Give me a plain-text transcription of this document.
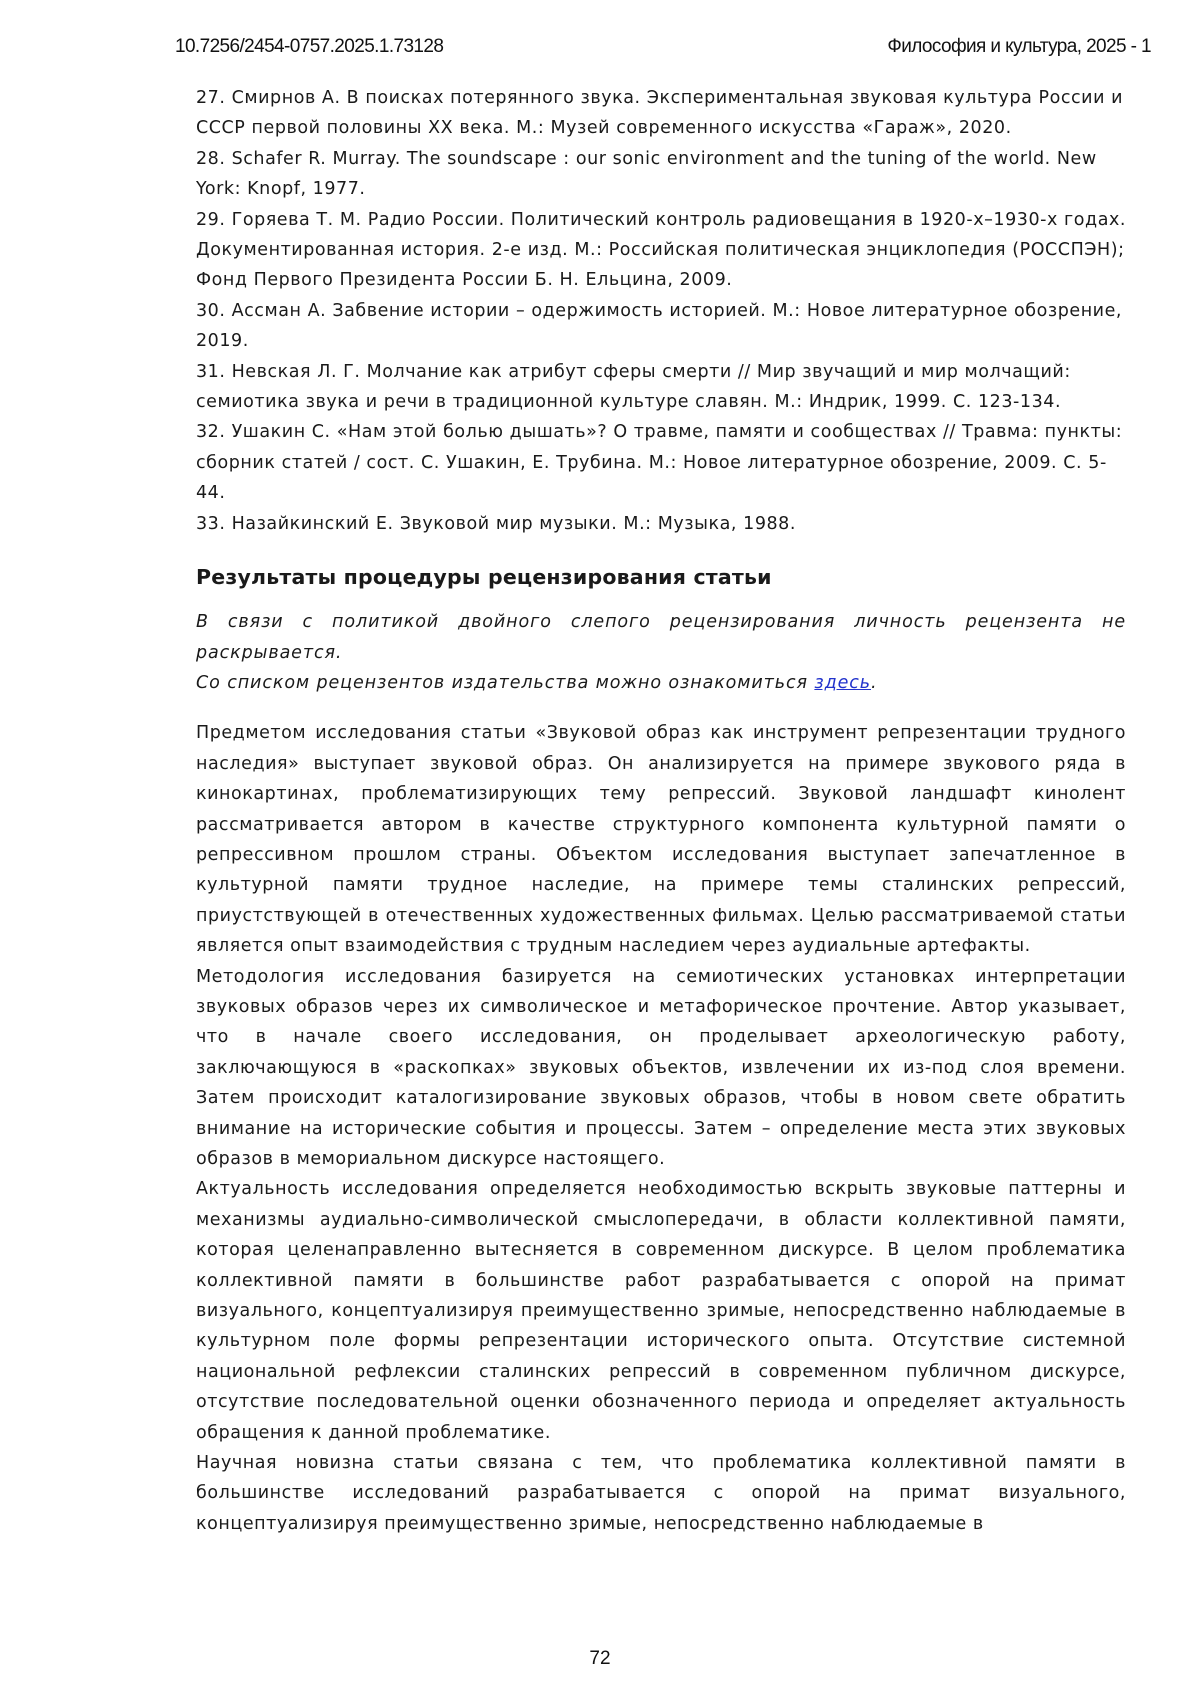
10.7256/2454-0757.2025.1.73128	Философия и культура, 2025 - 1
27. Смирнов А. В поисках потерянного звука. Экспериментальная звуковая культура России и СССР первой половины XX века. М.: Музей современного искусства «Гараж», 2020.
28. Schafer R. Murray. The soundscape : our sonic environment and the tuning of the world. New York: Knopf, 1977.
29. Горяева Т. М. Радио России. Политический контроль радиовещания в 1920-х–1930-х годах. Документированная история. 2-е изд. М.: Российская политическая энциклопедия (РОССПЭН); Фонд Первого Президента России Б. Н. Ельцина, 2009.
30. Ассман А. Забвение истории – одержимость историей. М.: Новое литературное обозрение, 2019.
31. Невская Л. Г. Молчание как атрибут сферы смерти // Мир звучащий и мир молчащий: семиотика звука и речи в традиционной культуре славян. М.: Индрик, 1999. С. 123-134.
32. Ушакин С. «Нам этой болью дышать»? О травме, памяти и сообществах // Травма: пункты: сборник статей / сост. С. Ушакин, Е. Трубина. М.: Новое литературное обозрение, 2009. С. 5-44.
33. Назайкинский Е. Звуковой мир музыки. М.: Музыка, 1988.
Результаты процедуры рецензирования статьи

В связи с политикой двойного слепого рецензирования личность рецензента не раскрывается.

Со списком рецензентов издательства можно ознакомиться здесь.

Предметом исследования статьи «Звуковой образ как инструмент репрезентации трудного наследия» выступает звуковой образ. Он анализируется на примере звукового ряда в кинокартинах, проблематизирующих тему репрессий. Звуковой ландшафт кинолент рассматривается автором в качестве структурного компонента культурной памяти о репрессивном прошлом страны. Объектом исследования выступает запечатленное в культурной памяти трудное наследие, на примере темы сталинских репрессий, приустствующей в отечественных художественных фильмах. Целью рассматриваемой статьи является опыт взаимодействия с трудным наследием через аудиальные артефакты.

Методология исследования базируется на семиотических установках интерпретации звуковых образов через их символическое и метафорическое прочтение. Автор указывает, что в начале своего исследования, он проделывает археологическую работу, заключающуюся в «раскопках» звуковых объектов, извлечении их из-под слоя времени. Затем происходит каталогизирование звуковых образов, чтобы в новом свете обратить внимание на исторические события и процессы. Затем – определение места этих звуковых образов в мемориальном дискурсе настоящего.

Актуальность исследования определяется необходимостью вскрыть звуковые паттерны и механизмы аудиально-символической смыслопередачи, в области коллективной памяти, которая целенаправленно вытесняется в современном дискурсе. В целом проблематика коллективной памяти в большинстве работ разрабатывается с опорой на примат визуального, концептуализируя преимущественно зримые, непосредственно наблюдаемые в культурном поле формы репрезентации исторического опыта. Отсутствие системной национальной рефлексии сталинских репрессий в современном публичном дискурсе, отсутствие последовательной оценки обозначенного периода и определяет актуальность обращения к данной проблематике.

Научная новизна статьи связана с тем, что проблематика коллективной памяти в большинстве исследований разрабатывается с опорой на примат визуального, концептуализируя преимущественно зримые, непосредственно наблюдаемые в

72
